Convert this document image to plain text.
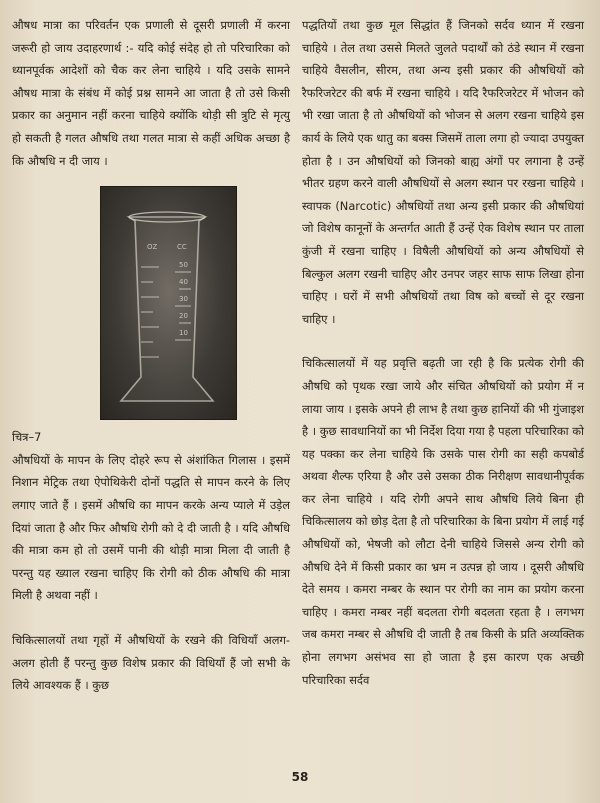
औषध मात्रा का परिवर्तन एक प्रणाली से दूसरी प्रणाली में करना जरूरी हो जाय उदाहरणार्थ :- यदि कोई संदेह हो तो परिचारिका को ध्यानपूर्वक आदेशों को चैक कर लेना चाहिये । यदि उसके सामने औषध मात्रा के संबंध में कोई प्रश्न सामने आ जाता है तो उसे किसी प्रकार का अनुमान नहीं करना चाहिये क्योंकि थोड़ी सी त्रुटि से मृत्यु हो सकती है गलत औषधि तथा गलत मात्रा से कहीं अधिक अच्छा है कि औषधि न दी जाय ।

OZ	CC
50
40
30
20
10

चित्र–7

औषधियों के मापन के लिए दोहरे रूप से अंशांकित गिलास । इसमें निशान मेट्रिक तथा ऐपोथिकेरी दोनों पद्धति से मापन करने के लिए लगाए जाते हैं । इसमें औषधि का मापन करके अन्य प्याले में उड़ेल दियां जाता है और फिर औषधि रोगी को दे दी जाती है । यदि औषधि की मात्रा कम हो तो उसमें पानी की थोड़ी मात्रा मिला दी जाती है परन्तु यह ख्याल रखना चाहिए कि रोगी को ठीक औषधि की मात्रा मिली है अथवा नहीं ।

चिकित्सालयों तथा गृहों में औषधियों के रखने की विधियाँ अलग-अलग होती हैं परन्तु कुछ विशेष प्रकार की विधियाँ हैं जो सभी के लिये आवश्यक हैं । कुछ

पद्धतियों तथा कुछ मूल सिद्धांत हैं जिनको सर्दव ध्यान में रखना चाहिये । तेल तथा उससे मिलते जुलते पदार्थों को ठंडे स्थान में रखना चाहिये वैसलीन, सीरम, तथा अन्य इसी प्रकार की औषधियों को रैफरिजरेटर की बर्फ में रखना चाहिये । यदि रैफरिजरेटर में भोजन को भी रखा जाता है तो औषधियों को भोजन से अलग रखना चाहिये इस कार्य के लिये एक धातु का बक्स जिसमें ताला लगा हो ज्यादा उपयुक्त होता है । उन औषधियों को जिनको बाह्य अंगों पर लगाना है उन्हें भीतर ग्रहण करने वाली औषधियों से अलग स्थान पर रखना चाहिये । स्वापक (Narcotic) औषधियों तथा अन्य इसी प्रकार की औषधियां जो विशेष कानूनों के अन्तर्गत आती हैं उन्हें ऐक विशेष स्थान पर ताला कुंजी में रखना चाहिए । विषैली औषधियों को अन्य औषधियों से बिल्कुल अलग रखनी चाहिए और उनपर जहर साफ साफ लिखा होना चाहिए । घरों में सभी औषधियों तथा विष को बच्चों से दूर रखना चाहिए ।

चिकित्सालयों में यह प्रवृत्ति बढ़ती जा रही है कि प्रत्येक रोगी की औषधि को पृथक रखा जाये और संचित औषधियों को प्रयोग में न लाया जाय । इसके अपने ही लाभ है तथा कुछ हानियों की भी गुंजाइश है । कुछ सावधानियों का भी निर्देश दिया गया है पहला परिचारिका को यह पक्का कर लेना चाहिये कि उसके पास रोगी का सही कपबोर्ड अथवा शैल्फ एरिया है और उसे उसका ठीक निरीक्षण सावधानीपूर्वक कर लेना चाहिये । यदि रोगी अपने साथ औषधि लिये बिना ही चिकित्सालय को छोड़ देता है तो परिचारिका के बिना प्रयोग में लाई गई औषधियों को, भेषजी को लौटा देनी चाहिये जिससे अन्य रोगी को औषधि देने में किसी प्रकार का भ्रम न उत्पन्न हो जाय । दूसरी औषधि देते समय । कमरा नम्बर के स्थान पर रोगी का नाम का प्रयोग करना चाहिए । कमरा नम्बर नहीं बदलता रोगी बदलता रहता है । लगभग जब कमरा नम्बर से औषधि दी जाती है तब किसी के प्रति अव्यक्तिक होना लगभग असंभव सा हो जाता है इस कारण एक अच्छी परिचारिका सर्दव

58
